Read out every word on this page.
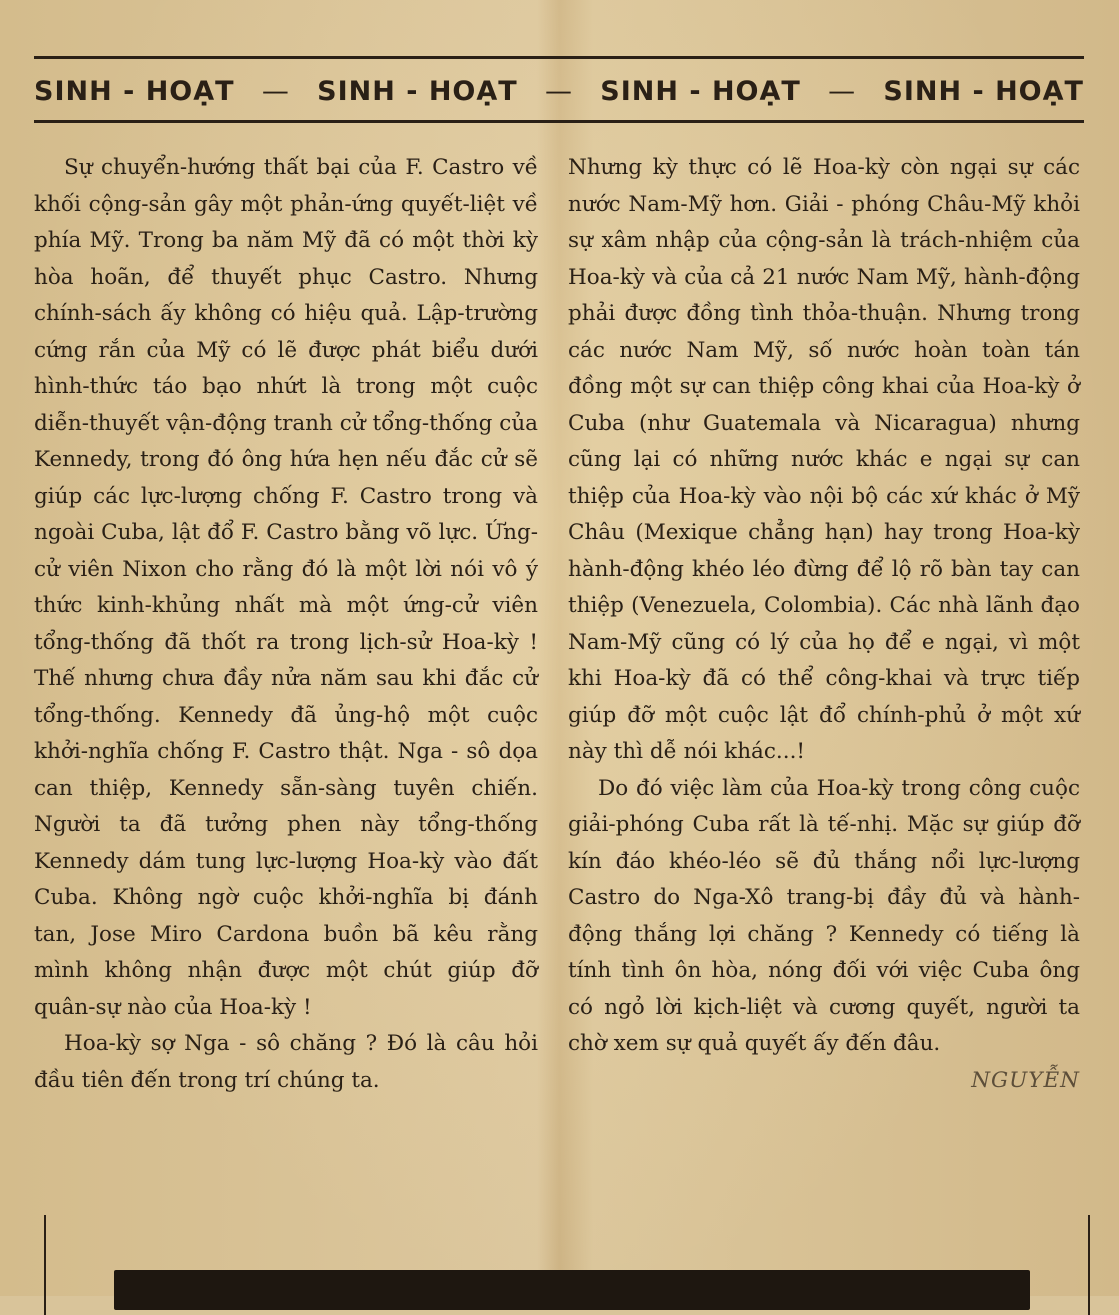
SINH - HOẠT — SINH - HOẠT — SINH - HOẠT — SINH - HOẠT

Sự chuyển-hướng thất bại của F. Castro về khối cộng-sản gây một phản-ứng quyết-liệt về phía Mỹ. Trong ba năm Mỹ đã có một thời kỳ hòa hoãn, để thuyết phục Castro. Nhưng chính-sách ấy không có hiệu quả. Lập-trường cứng rắn của Mỹ có lẽ được phát biểu dưới hình-thức táo bạo nhứt là trong một cuộc diễn-thuyết vận-động tranh cử tổng-thống của Kennedy, trong đó ông hứa hẹn nếu đắc cử sẽ giúp các lực-lượng chống F. Castro trong và ngoài Cuba, lật đổ F. Castro bằng võ lực. Ứng-cử viên Nixon cho rằng đó là một lời nói vô ý thức kinh-khủng nhất mà một ứng-cử viên tổng-thống đã thốt ra trong lịch-sử Hoa-kỳ ! Thế nhưng chưa đầy nửa năm sau khi đắc cử tổng-thống. Kennedy đã ủng-hộ một cuộc khởi-nghĩa chống F. Castro thật. Nga - sô dọa can thiệp, Kennedy sẵn-sàng tuyên chiến. Người ta đã tưởng phen này tổng-thống Kennedy dám tung lực-lượng Hoa-kỳ vào đất Cuba. Không ngờ cuộc khởi-nghĩa bị đánh tan, Jose Miro Cardona buồn bã kêu rằng mình không nhận được một chút giúp đỡ quân-sự nào của Hoa-kỳ !

Hoa-kỳ sợ Nga - sô chăng ? Đó là câu hỏi đầu tiên đến trong trí chúng ta.

Nhưng kỳ thực có lẽ Hoa-kỳ còn ngại sự các nước Nam-Mỹ hơn. Giải - phóng Châu-Mỹ khỏi sự xâm nhập của cộng-sản là trách-nhiệm của Hoa-kỳ và của cả 21 nước Nam Mỹ, hành-động phải được đồng tình thỏa-thuận. Nhưng trong các nước Nam Mỹ, số nước hoàn toàn tán đồng một sự can thiệp công khai của Hoa-kỳ ở Cuba (như Guatemala và Nicaragua) nhưng cũng lại có những nước khác e ngại sự can thiệp của Hoa-kỳ vào nội bộ các xứ khác ở Mỹ Châu (Mexique chẳng hạn) hay trong Hoa-kỳ hành-động khéo léo đừng để lộ rõ bàn tay can thiệp (Venezuela, Colombia). Các nhà lãnh đạo Nam-Mỹ cũng có lý của họ để e ngại, vì một khi Hoa-kỳ đã có thể công-khai và trực tiếp giúp đỡ một cuộc lật đổ chính-phủ ở một xứ này thì dễ nói khác...!

Do đó việc làm của Hoa-kỳ trong công cuộc giải-phóng Cuba rất là tế-nhị. Mặc sự giúp đỡ kín đáo khéo-léo sẽ đủ thắng nổi lực-lượng Castro do Nga-Xô trang-bị đầy đủ và hành-động thắng lợi chăng ? Kennedy có tiếng là tính tình ôn hòa, nóng đối với việc Cuba ông có ngỏ lời kịch-liệt và cương quyết, người ta chờ xem sự quả quyết ấy đến đâu.

NGUYỄN
